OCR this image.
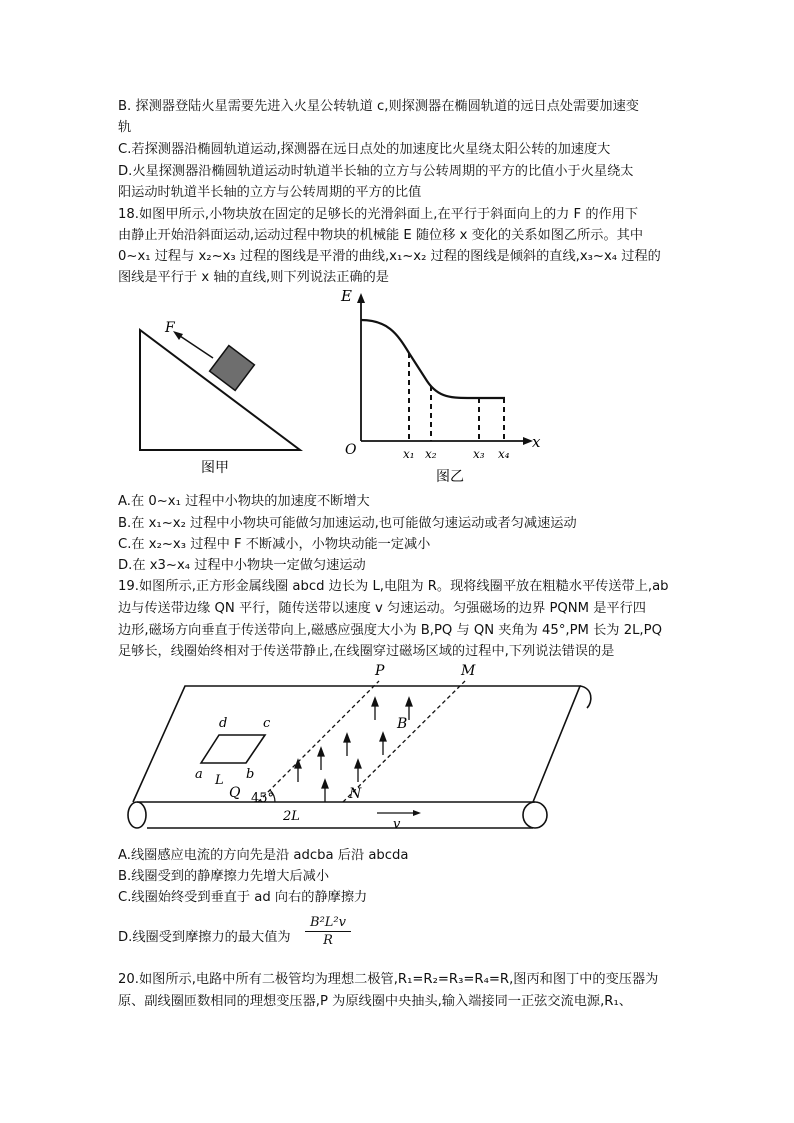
B. 探测器登陆火星需要先进入火星公转轨道 c,则探测器在椭圆轨道的远日点处需要加速变
轨
C.若探测器沿椭圆轨道运动,探测器在远日点处的加速度比火星绕太阳公转的加速度大
D.火星探测器沿椭圆轨道运动时轨道半长轴的立方与公转周期的平方的比值小于火星绕太
阳运动时轨道半长轴的立方与公转周期的平方的比值
18.如图甲所示,小物块放在固定的足够长的光滑斜面上,在平行于斜面向上的力 F 的作用下
由静止开始沿斜面运动,运动过程中物块的机械能 E 随位移 x 变化的关系如图乙所示。其中
0~x₁ 过程与 x₂~x₃ 过程的图线是平滑的曲线,x₁~x₂ 过程的图线是倾斜的直线,x₃~x₄ 过程的
图线是平行于 x 轴的直线,则下列说法正确的是
F
图甲
E
x
O	x₁ x₂	x₃ x₄
图乙
A.在 0~x₁ 过程中小物块的加速度不断增大
B.在 x₁~x₂ 过程中小物块可能做匀加速运动,也可能做匀速运动或者匀减速运动
C.在 x₂~x₃ 过程中 F 不断减小，小物块动能一定减小
D.在 x3~x₄ 过程中小物块一定做匀速运动
19.如图所示,正方形金属线圈 abcd 边长为 L,电阻为 R。现将线圈平放在粗糙水平传送带上,ab
边与传送带边缘 QN 平行，随传送带以速度 v 匀速运动。匀强磁场的边界 PQNM 是平行四
边形,磁场方向垂直于传送带向上,磁感应强度大小为 B,PQ 与 QN 夹角为 45°,PM 长为 2L,PQ
足够长，线圈始终相对于传送带静止,在线圈穿过磁场区域的过程中,下列说法错误的是
P	M
B
d	c
a L b
Q 45°	N
2L
v
A.线圈感应电流的方向先是沿 adcba 后沿 abcda
B.线圈受到的静摩擦力先增大后减小
C.线圈始终受到垂直于 ad 向右的静摩擦力
D.线圈受到摩擦力的最大值为 $\frac{\text{B²L²v}}{R}$
20.如图所示,电路中所有二极管均为理想二极管,R₁=R₂=R₃=R₄=R,图丙和图丁中的变压器为
原、副线圈匝数相同的理想变压器,P 为原线圈中央抽头,输入端接同一正弦交流电源,R₁、
